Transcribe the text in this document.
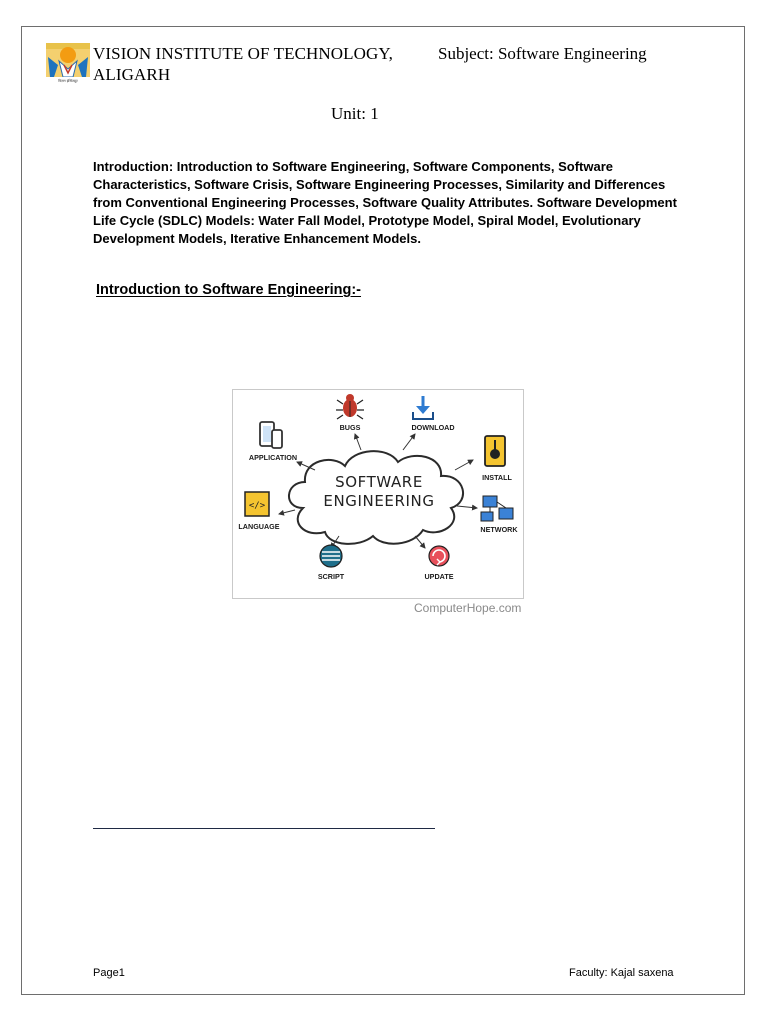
विज़न इंस्टिट्यूट
VISION INSTITUTE OF TECHNOLOGY,
ALIGARH
Subject: Software Engineering
Unit: 1

Introduction: Introduction to Software Engineering, Software Components, Software Characteristics, Software Crisis, Software Engineering Processes, Similarity and Differences from Conventional Engineering Processes, Software Quality Attributes. Software Development Life Cycle (SDLC) Models: Water Fall Model, Prototype Model, Spiral Model, Evolutionary Development Models, Iterative Enhancement Models.

Introduction to Software Engineering:-
SOFTWARE
ENGINEERING
BUGS	DOWNLOAD
APPLICATION
INSTALL
</>
LANGUAGE	NETWORK
SCRIPT	UPDATE
ComputerHope.com
Page1	Faculty: Kajal saxena
